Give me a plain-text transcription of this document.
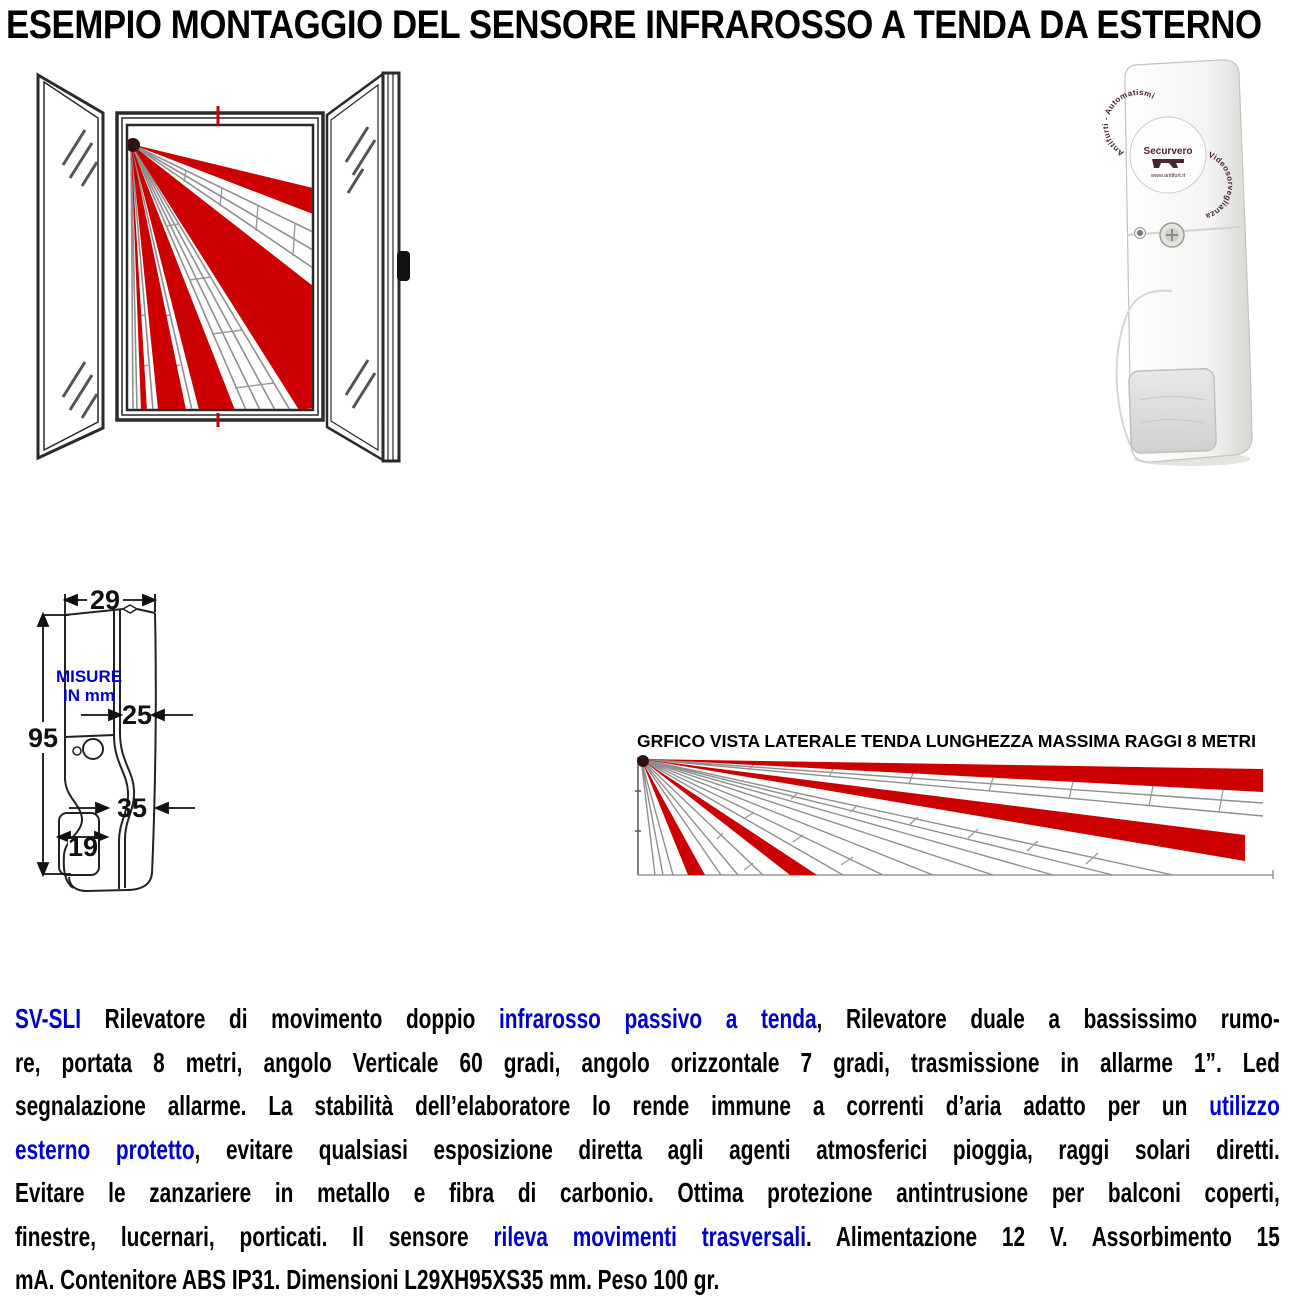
ESEMPIO MONTAGGIO DEL SENSORE INFRAROSSO A TENDA DA ESTERNO
Antifurti - Automatismi
Videosorveglianza
Securvero
www.antifurt.it
MISURE
IN mm
29
95
25
35
19
GRFICO VISTA LATERALE TENDA LUNGHEZZA MASSIMA RAGGI 8 METRI
SV-SLI Rilevatore di movimento doppio infrarosso passivo a tenda, Rilevatore duale a bassissimo rumo-
re, portata 8 metri, angolo Verticale 60 gradi, angolo orizzontale 7 gradi, trasmissione in allarme 1”. Led
segnalazione allarme. La stabilità dell’elaboratore lo rende immune a correnti d’aria adatto per un utilizzo
esterno protetto, evitare qualsiasi esposizione diretta agli agenti atmosferici pioggia, raggi solari diretti.
Evitare le zanzariere in metallo e fibra di carbonio. Ottima protezione antintrusione per balconi coperti,
finestre, lucernari, porticati. Il sensore rileva movimenti trasversali. Alimentazione 12 V. Assorbimento 15
mA. Contenitore ABS IP31. Dimensioni L29XH95XS35 mm. Peso 100 gr.
